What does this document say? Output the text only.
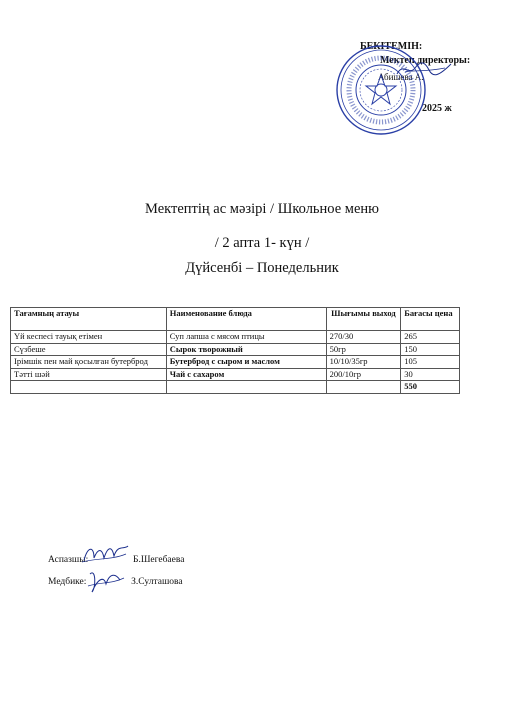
БЕКІТЕМІН:
Мектеп директоры:
Абишева А.
2025 ж
Мектептің ас мәзірі / Школьное меню
/ 2 апта 1- күн /
Дүйсенбі – Понедельник
Тағамның атауы	Наименование блюда	Шығымы выход	Бағасы цена
Үй кеспесі тауық етімен	Суп лапша с мясом птицы	270/30	265
Сүзбеше	Сырок творожный	50гр	150
Ірімшік пен май қосылған бутерброд	Бутерброд с сыром и маслом	10/10/35гр	105
Тәтті шәй	Чай с сахаром	200/10гр	30
			550
Аспазшы:	Б.Шегебаева
Медбике:	З.Султашова
